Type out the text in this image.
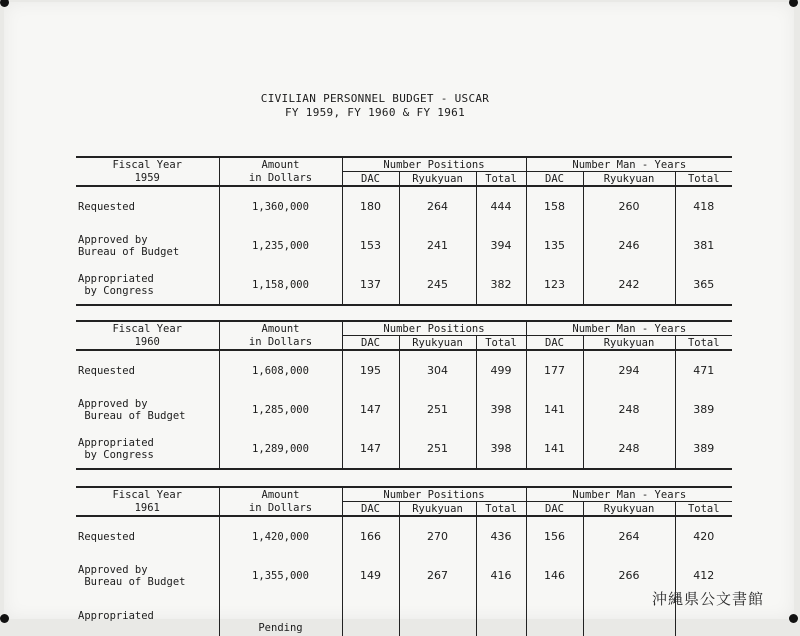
CIVILIAN PERSONNEL BUDGET - USCAR
FY 1959, FY 1960 & FY 1961
Fiscal Year	Amount	Number Positions			Number Man - Years		
1959	in Dollars	DAC	Ryukyuan	Total	DAC	Ryukyuan	Total

Requested	1,360,000	180	264	444	158	260	418

Approved by
Bureau of Budget	1,235,000	153	241	394	135	246	381

Appropriated
by Congress	1,158,000	137	245	382	123	242	365
Fiscal Year	Amount	Number Positions			Number Man - Years		
1960	in Dollars	DAC	Ryukyuan	Total	DAC	Ryukyuan	Total

Requested	1,608,000	195	304	499	177	294	471

Approved by
Bureau of Budget	1,285,000	147	251	398	141	248	389

Appropriated
by Congress	1,289,000	147	251	398	141	248	389
Fiscal Year	Amount	Number Positions			Number Man - Years		
1961	in Dollars	DAC	Ryukyuan	Total	DAC	Ryukyuan	Total

Requested	1,420,000	166	270	436	156	264	420

Approved by
Bureau of Budget	1,355,000	149	267	416	146	266	412

Appropriated	Pending						
沖縄県公文書館
